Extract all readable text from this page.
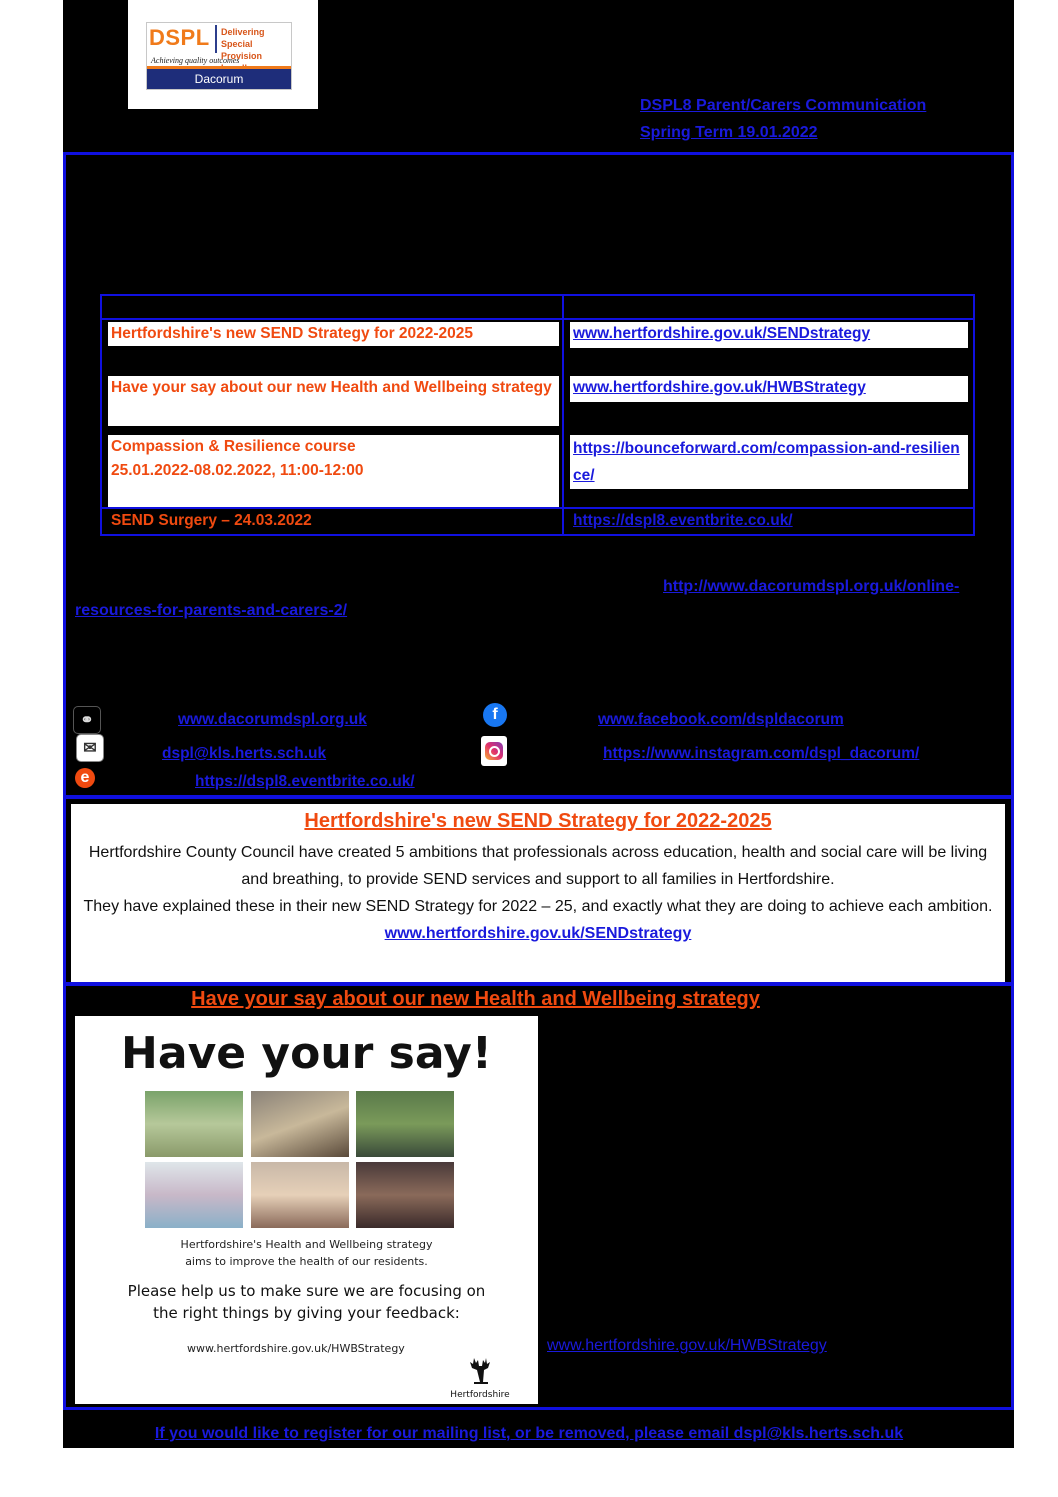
DSPL Delivering Special
Provision
Achieving quality outcomes
Dacorum
DSPL8 Parent/Carers Communication
Spring Term 19.01.2022
Hertfordshire's new SEND Strategy for 2022-2025	www.hertfordshire.gov.uk/SENDstrategy
Have your say about our new Health and Wellbeing strategy	www.hertfordshire.gov.uk/HWBStrategy
Compassion & Resilience course
25.01.2022-08.02.2022, 11:00-12:00
https://bounceforward.com/compassion-and-resilience/
SEND Surgery – 24.03.2022	https://dspl8.eventbrite.co.uk/
http://www.dacorumdspl.org.uk/online-
resources-for-parents-and-carers-2/
⚭	www.dacorumdspl.org.uk
✉	dspl@kls.herts.sch.uk
e	https://dspl8.eventbrite.co.uk/
f	www.facebook.com/dspldacorum
https://www.instagram.com/dspl_dacorum/
Hertfordshire's new SEND Strategy for 2022-2025
Hertfordshire County Council have created 5 ambitions that professionals across education, health and social care will be living and breathing, to provide SEND services and support to all families in Hertfordshire.
They have explained these in their new SEND Strategy for 2022 – 25, and exactly what they are doing to achieve each ambition. www.hertfordshire.gov.uk/SENDstrategy
Have your say about our new Health and Wellbeing strategy
Have your say!
Hertfordshire's Health and Wellbeing strategy
aims to improve the health of our residents.
Please help us to make sure we are focusing on
the right things by giving your feedback:
www.hertfordshire.gov.uk/HWBStrategy
Hertfordshire
www.hertfordshire.gov.uk/HWBStrategy
If you would like to register for our mailing list, or be removed, please email dspl@kls.herts.sch.uk
